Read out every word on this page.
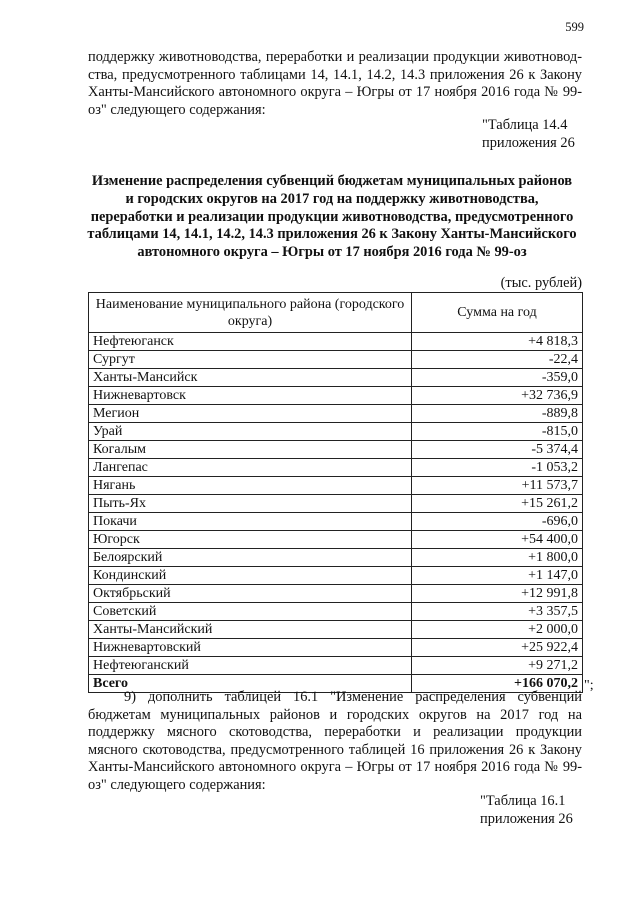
599

поддержку животноводства, переработки и реализации продукции животновод-ства, предусмотренного таблицами 14, 14.1, 14.2, 14.3 приложения 26 к Закону Ханты-Мансийского автономного округа – Югры от 17 ноября 2016 года № 99-оз" следующего содержания:

"Таблица 14.4
приложения 26
Изменение распределения субвенций бюджетам муниципальных районов
и городских округов на 2017 год на поддержку животноводства,
переработки и реализации продукции животноводства, предусмотренного
таблицами 14, 14.1, 14.2, 14.3 приложения 26 к Закону Ханты-Мансийского
автономного округа – Югры от 17 ноября 2016 года № 99-оз
(тыс. рублей)
Наименование муниципального района (городского округа)	Сумма на год
Нефтеюганск	+4 818,3
Сургут	-22,4
Ханты-Мансийск	-359,0
Нижневартовск	+32 736,9
Мегион	-889,8
Урай	-815,0
Когалым	-5 374,4
Лангепас	-1 053,2
Нягань	+11 573,7
Пыть-Ях	+15 261,2
Покачи	-696,0
Югорск	+54 400,0
Белоярский	+1 800,0
Кондинский	+1 147,0
Октябрьский	+12 991,8
Советский	+3 357,5
Ханты-Мансийский	+2 000,0
Нижневартовский	+25 922,4
Нефтеюганский	+9 271,2
Всего	+166 070,2 ";

9) дополнить таблицей 16.1 "Изменение распределения субвенций бюджетам муниципальных районов и городских округов на 2017 год на поддержку мясного скотоводства, переработки и реализации продукции мясного скотоводства, предусмотренного таблицей 16 приложения 26 к Закону Ханты-Мансийского автономного округа – Югры от 17 ноября 2016 года № 99-оз" следующего содержания:

"Таблица 16.1
приложения 26
